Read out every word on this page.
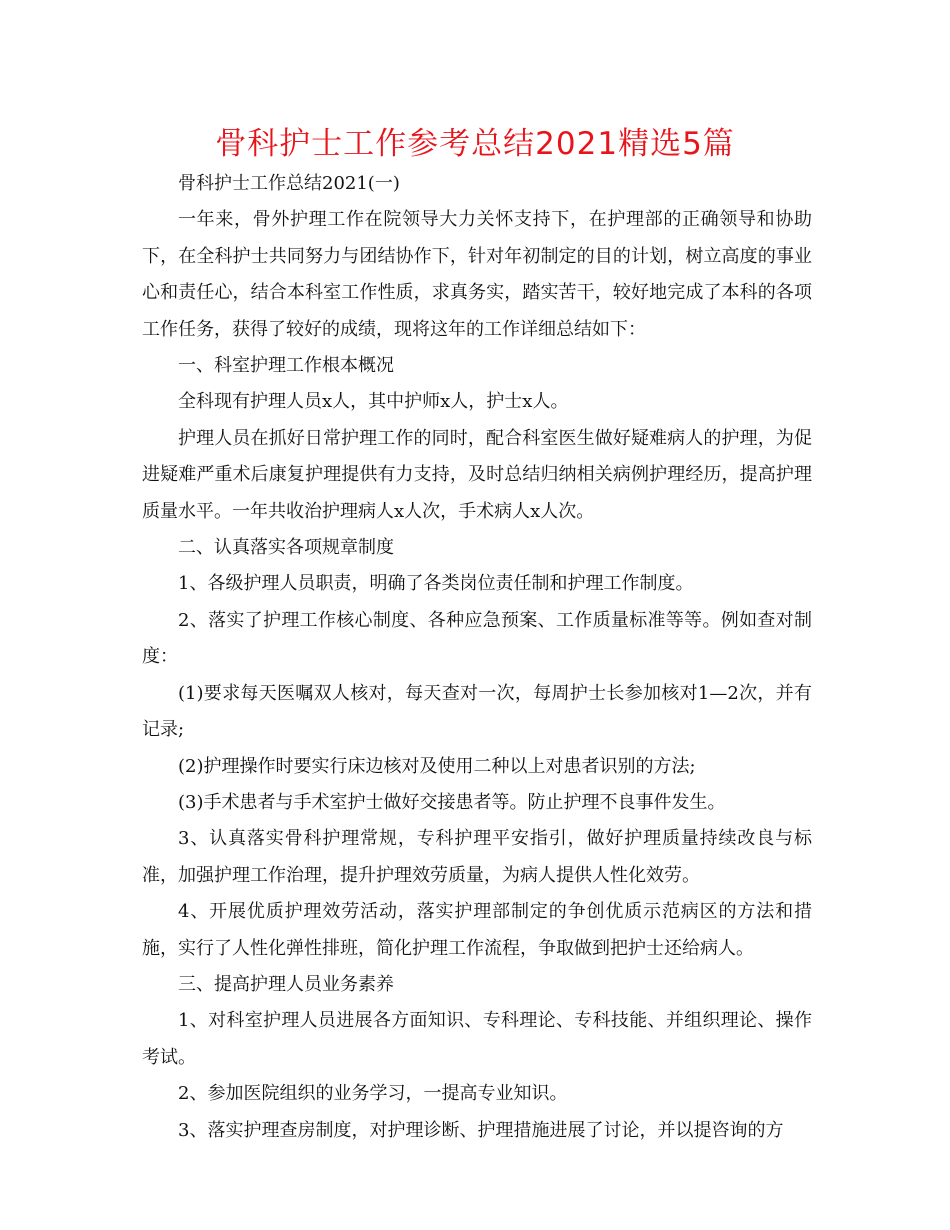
骨科护士工作参考总结2021精选5篇

骨科护士工作总结2021(一)

一年来，骨外护理工作在院领导大力关怀支持下，在护理部的正确领导和协助下，在全科护士共同努力与团结协作下，针对年初制定的目的计划，树立高度的事业心和责任心，结合本科室工作性质，求真务实，踏实苦干，较好地完成了本科的各项工作任务，获得了较好的成绩，现将这年的工作详细总结如下：

一、科室护理工作根本概况

全科现有护理人员x人，其中护师x人，护士x人。

护理人员在抓好日常护理工作的同时，配合科室医生做好疑难病人的护理，为促进疑难严重术后康复护理提供有力支持，及时总结归纳相关病例护理经历，提高护理质量水平。一年共收治护理病人x人次，手术病人x人次。

二、认真落实各项规章制度

1、各级护理人员职责，明确了各类岗位责任制和护理工作制度。

2、落实了护理工作核心制度、各种应急预案、工作质量标准等等。例如查对制度：

(1)要求每天医嘱双人核对，每天查对一次，每周护士长参加核对1—2次，并有记录;

(2)护理操作时要实行床边核对及使用二种以上对患者识别的方法;

(3)手术患者与手术室护士做好交接患者等。防止护理不良事件发生。

3、认真落实骨科护理常规，专科护理平安指引，做好护理质量持续改良与标准，加强护理工作治理，提升护理效劳质量，为病人提供人性化效劳。

4、开展优质护理效劳活动，落实护理部制定的争创优质示范病区的方法和措施，实行了人性化弹性排班，简化护理工作流程，争取做到把护士还给病人。

三、提高护理人员业务素养

1、对科室护理人员进展各方面知识、专科理论、专科技能、并组织理论、操作考试。

2、参加医院组织的业务学习，一提高专业知识。

3、落实护理查房制度，对护理诊断、护理措施进展了讨论，并以提咨询的方
